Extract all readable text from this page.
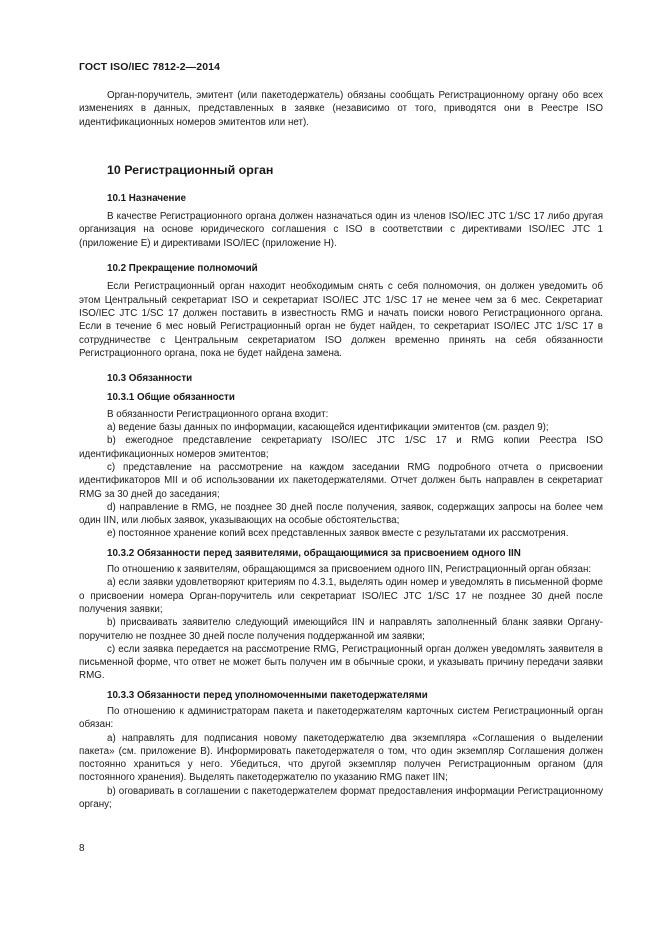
ГОСТ ISO/IEC 7812-2—2014

Орган-поручитель, эмитент (или пакетодержатель) обязаны сообщать Регистрационному органу обо всех изменениях в данных, представленных в заявке (независимо от того, приводятся они в Реестре ISO идентификационных номеров эмитентов или нет).

10 Регистрационный орган
10.1 Назначение

В качестве Регистрационного органа должен назначаться один из членов ISO/IEC JTC 1/SC 17 либо другая организация на основе юридического соглашения с ISO в соответствии с директивами ISO/IEC JTC 1 (приложение Е) и директивами ISO/IEC (приложение Н).

10.2 Прекращение полномочий

Если Регистрационный орган находит необходимым снять с себя полномочия, он должен уведомить об этом Центральный секретариат ISO и секретариат ISO/IEC JTC 1/SC 17 не менее чем за 6 мес. Секретариат ISO/IEC JTC 1/SC 17 должен поставить в известность RMG и начать поиски нового Регистрационного органа. Если в течение 6 мес новый Регистрационный орган не будет найден, то секретариат ISO/IEC JTC 1/SC 17 в сотрудничестве с Центральным секретариатом ISO должен временно принять на себя обязанности Регистрационного органа, пока не будет найдена замена.

10.3 Обязанности
10.3.1 Общие обязанности

В обязанности Регистрационного органа входит:

a) ведение базы данных по информации, касающейся идентификации эмитентов (см. раздел 9);

b) ежегодное представление секретариату ISO/IEC JTC 1/SC 17 и RMG копии Реестра ISO идентификационных номеров эмитентов;

c) представление на рассмотрение на каждом заседании RMG подробного отчета о присвоении идентификаторов MII и об использовании их пакетодержателями. Отчет должен быть направлен в секретариат RMG за 30 дней до заседания;

d) направление в RMG, не позднее 30 дней после получения, заявок, содержащих запросы на более чем один IIN, или любых заявок, указывающих на особые обстоятельства;

e) постоянное хранение копий всех представленных заявок вместе с результатами их рассмотрения.

10.3.2 Обязанности перед заявителями, обращающимися за присвоением одного IIN

По отношению к заявителям, обращающимся за присвоением одного IIN, Регистрационный орган обязан:

a) если заявки удовлетворяют критериям по 4.3.1, выделять один номер и уведомлять в письменной форме о присвоении номера Орган-поручитель или секретариат ISO/IEC JTC 1/SC 17 не позднее 30 дней после получения заявки;

b) присваивать заявителю следующий имеющийся IIN и направлять заполненный бланк заявки Органу-поручителю не позднее 30 дней после получения поддержанной им заявки;

c) если заявка передается на рассмотрение RMG, Регистрационный орган должен уведомлять заявителя в письменной форме, что ответ не может быть получен им в обычные сроки, и указывать причину передачи заявки RMG.

10.3.3 Обязанности перед уполномоченными пакетодержателями

По отношению к администраторам пакета и пакетодержателям карточных систем Регистрационный орган обязан:

a) направлять для подписания новому пакетодержателю два экземпляра «Соглашения о выделении пакета» (см. приложение В). Информировать пакетодержателя о том, что один экземпляр Соглашения должен постоянно храниться у него. Убедиться, что другой экземпляр получен Регистрационным органом (для постоянного хранения). Выделять пакетодержателю по указанию RMG пакет IIN;

b) оговаривать в соглашении с пакетодержателем формат предоставления информации Регистрационному органу;

8
